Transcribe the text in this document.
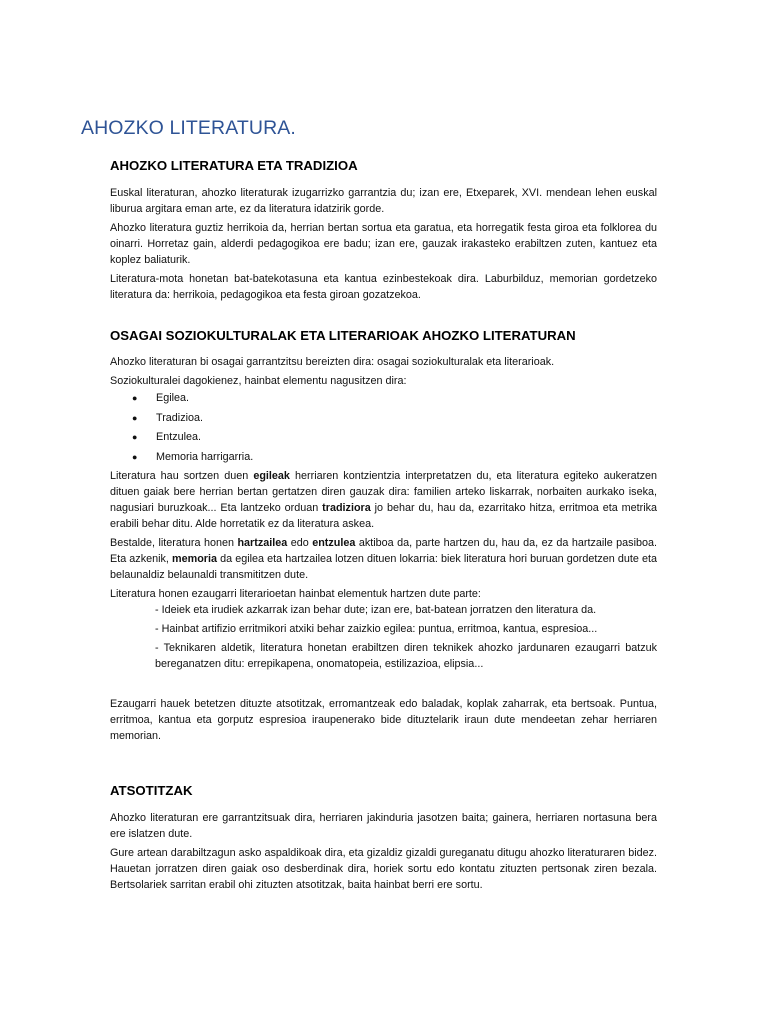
AHOZKO LITERATURA.
AHOZKO LITERATURA ETA TRADIZIOA

Euskal literaturan, ahozko literaturak izugarrizko garrantzia du; izan ere, Etxeparek, XVI. mendean lehen euskal liburua argitara eman arte, ez da literatura idatzirik gorde.

Ahozko literatura guztiz herrikoia da, herrian bertan sortua eta garatua, eta horregatik festa giroa eta folklorea du oinarri. Horretaz gain, alderdi pedagogikoa ere badu; izan ere, gauzak irakasteko erabiltzen zuten, kantuez eta koplez baliaturik.

Literatura-mota honetan bat-batekotasuna eta kantua ezinbestekoak dira. Laburbilduz, memorian gordetzeko literatura da: herrikoia, pedagogikoa eta festa giroan gozatzekoa.

OSAGAI SOZIOKULTURALAK ETA LITERARIOAK AHOZKO LITERATURAN

Ahozko literaturan bi osagai garrantzitsu bereizten dira: osagai soziokulturalak eta literarioak.

Soziokulturalei dagokienez, hainbat elementu nagusitzen dira:

● Egilea.
● Tradizioa.
● Entzulea.
● Memoria harrigarria.

Literatura hau sortzen duen egileak herriaren kontzientzia interpretatzen du, eta literatura egiteko aukeratzen dituen gaiak bere herrian bertan gertatzen diren gauzak dira: familien arteko liskarrak, norbaiten aurkako iseka, nagusiari buruzkoak... Eta lantzeko orduan tradiziora jo behar du, hau da, ezarritako hitza, erritmoa eta metrika erabili behar ditu. Alde horretatik ez da literatura askea.

Bestalde, literatura honen hartzailea edo entzulea aktiboa da, parte hartzen du, hau da, ez da hartzaile pasiboa. Eta azkenik, memoria da egilea eta hartzailea lotzen dituen lokarria: biek literatura hori buruan gordetzen dute eta belaunaldiz belaunaldi transmititzen dute.

Literatura honen ezaugarri literarioetan hainbat elementuk hartzen dute parte:

- Ideiek eta irudiek azkarrak izan behar dute; izan ere, bat-batean jorratzen den literatura da.
- Hainbat artifizio erritmikori atxiki behar zaizkio egilea: puntua, erritmoa, kantua, espresioa...
- Teknikaren aldetik, literatura honetan erabiltzen diren teknikek ahozko jardunaren ezaugarri batzuk bereganatzen ditu: errepikapena, onomatopeia, estilizazioa, elipsia...

Ezaugarri hauek betetzen dituzte atsotitzak, erromantzeak edo baladak, koplak zaharrak, eta bertsoak. Puntua, erritmoa, kantua eta gorputz espresioa iraupenerako bide dituztelarik iraun dute mendeetan zehar herriaren memorian.

ATSOTITZAK

Ahozko literaturan ere garrantzitsuak dira, herriaren jakinduria jasotzen baita; gainera, herriaren nortasuna bera ere islatzen dute.

Gure artean darabiltzagun asko aspaldikoak dira, eta gizaldiz gizaldi gureganatu ditugu ahozko literaturaren bidez. Hauetan jorratzen diren gaiak oso desberdinak dira, horiek sortu edo kontatu zituzten pertsonak ziren bezala. Bertsolariek sarritan erabil ohi zituzten atsotitzak, baita hainbat berri ere sortu.
